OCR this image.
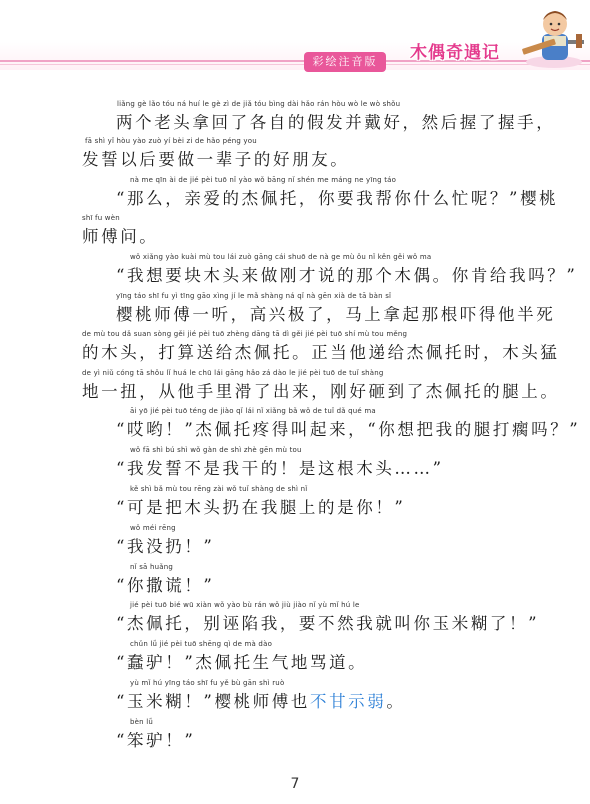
彩绘注音版	木偶奇遇记
liǎng gè lǎo tóu ná huí le gè zì de jiǎ tóu bìng dài hǎo rán hòu wò le wò shǒu
两个老头拿回了各自的假发并戴好，然后握了握手，
fā shì yǐ hòu yào zuò yí bèi zi de hǎo péng you
发誓以后要做一辈子的好朋友。
nà me qīn ài de jié pèi tuō nǐ yào wǒ bāng nǐ shén me máng ne yīng táo
“那么，亲爱的杰佩托，你要我帮你什么忙呢？”樱桃
shī fu wèn
师傅问。
wǒ xiǎng yào kuài mù tou lái zuò gāng cái shuō de nà ge mù ǒu nǐ kěn gěi wǒ ma
“我想要块木头来做刚才说的那个木偶。你肯给我吗？”
yīng táo shī fu yì tīng gāo xìng jí le mǎ shàng ná qǐ nà gēn xià de tā bàn sǐ
樱桃师傅一听，高兴极了，马上拿起那根吓得他半死
de mù tou dǎ suan sòng gěi jié pèi tuō zhèng dāng tā dì gěi jié pèi tuō shí mù tou měng
的木头，打算送给杰佩托。正当他递给杰佩托时，木头猛
de yì niǔ cóng tā shǒu lǐ huá le chū lái gāng hǎo zá dào le jié pèi tuō de tuǐ shàng
地一扭，从他手里滑了出来，刚好砸到了杰佩托的腿上。
āi yō jié pèi tuō téng de jiào qǐ lái nǐ xiǎng bǎ wǒ de tuǐ dǎ qué ma
“哎哟！”杰佩托疼得叫起来，“你想把我的腿打瘸吗？”
wǒ fā shì bú shì wǒ gàn de shì zhè gēn mù tou
“我发誓不是我干的！是这根木头……”
kě shì bǎ mù tou rēng zài wǒ tuǐ shàng de shì nǐ
“可是把木头扔在我腿上的是你！”
wǒ méi rēng
“我没扔！”
nǐ sā huǎng
“你撒谎！”
jié pèi tuō bié wū xiàn wǒ yào bù rán wǒ jiù jiào nǐ yù mǐ hú le
“杰佩托，别诬陷我，要不然我就叫你玉米糊了！”
chǔn lǘ jié pèi tuō shēng qì de mà dào
“蠢驴！”杰佩托生气地骂道。
yù mǐ hú yīng táo shī fu yě bù gān shì ruò
“玉米糊！”樱桃师傅也不甘示弱。
bèn lǘ
“笨驴！”
7
